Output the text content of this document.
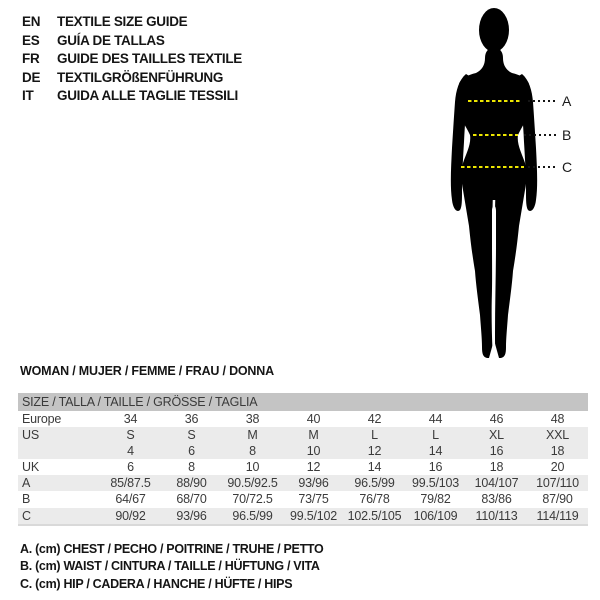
EN	TEXTILE SIZE GUIDE
ES	GUÍA DE TALLAS
FR	GUIDE DES TAILLES TEXTILE
DE	TEXTILGRÖßENFÜHRUNG
IT	GUIDA ALLE TAGLIE TESSILI	A
B
C
WOMAN / MUJER / FEMME / FRAU / DONNA
SIZE / TALLA / TAILLE / GRÖSSE / TAGLIA
Europe	34	36	38	40	42	44	46	48
US	S	S	M	M	L	L	XL	XXL
4	6	8	10	12	14	16	18
UK	6	8	10	12	14	16	18	20
A	85/87.5	88/90	90.5/92.5	93/96	96.5/99	99.5/103	104/107	107/110
B	64/67	68/70	70/72.5	73/75	76/78	79/82	83/86	87/90
C	90/92	93/96	96.5/99	99.5/102 102.5/105 106/109	110/113	114/119
A. (cm) CHEST / PECHO / POITRINE / TRUHE / PETTO
B. (cm) WAIST / CINTURA / TAILLE / HÜFTUNG / VITA
C. (cm) HIP / CADERA / HANCHE / HÜFTE / HIPS
